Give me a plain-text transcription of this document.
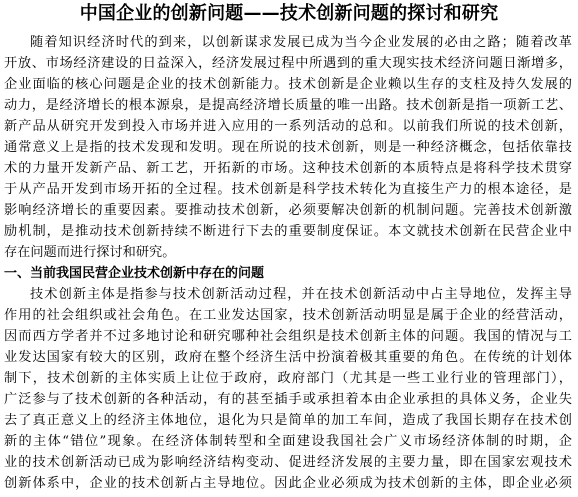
中国企业的创新问题——技术创新问题的探讨和研究
随着知识经济时代的到来，以创新谋求发展已成为当今企业发展的必由之路；随着改革
开放、市场经济建设的日益深入，经济发展过程中所遇到的重大现实技术经济问题日渐增多，
企业面临的核心问题是企业的技术创新能力。技术创新是企业赖以生存的支柱及持久发展的
动力，是经济增长的根本源泉，是提高经济增长质量的唯一出路。技术创新是指一项新工艺、
新产品从研究开发到投入市场并进入应用的一系列活动的总和。以前我们所说的技术创新，
通常意义上是指的技术发现和发明。现在所说的技术创新，则是一种经济概念，包括依靠技
术的力量开发新产品、新工艺，开拓新的市场。这种技术创新的本质特点是将科学技术贯穿
于从产品开发到市场开拓的全过程。技术创新是科学技术转化为直接生产力的根本途径，是
影响经济增长的重要因素。要推动技术创新，必须要解决创新的机制问题。完善技术创新激
励机制，是推动技术创新持续不断进行下去的重要制度保证。本文就技术创新在民营企业中
存在问题而进行探讨和研究。
一、当前我国民营企业技术创新中存在的问题
技术创新主体是指参与技术创新活动过程，并在技术创新活动中占主导地位，发挥主导
作用的社会组织或社会角色。在工业发达国家，技术创新活动明显是属于企业的经营活动，
因而西方学者并不过多地讨论和研究哪种社会组织是技术创新主体的问题。我国的情况与工
业发达国家有较大的区别，政府在整个经济生活中扮演着极其重要的角色。在传统的计划体
制下，技术创新的主体实质上让位于政府，政府部门（尤其是一些工业行业的管理部门），
广泛参与了技术创新的各种活动，有的甚至插手或承担着本由企业承担的具体义务，企业失
去了真正意义上的经济主体地位，退化为只是简单的加工车间，造成了我国长期存在技术创
新的主体“错位”现象。在经济体制转型和全面建设我国社会广义市场经济体制的时期，企
业的技术创新活动已成为影响经济结构变动、促进经济发展的主要力量，即在国家宏观技术
创新体系中，企业的技术创新占主导地位。因此企业必须成为技术创新的主体，即企业必须
